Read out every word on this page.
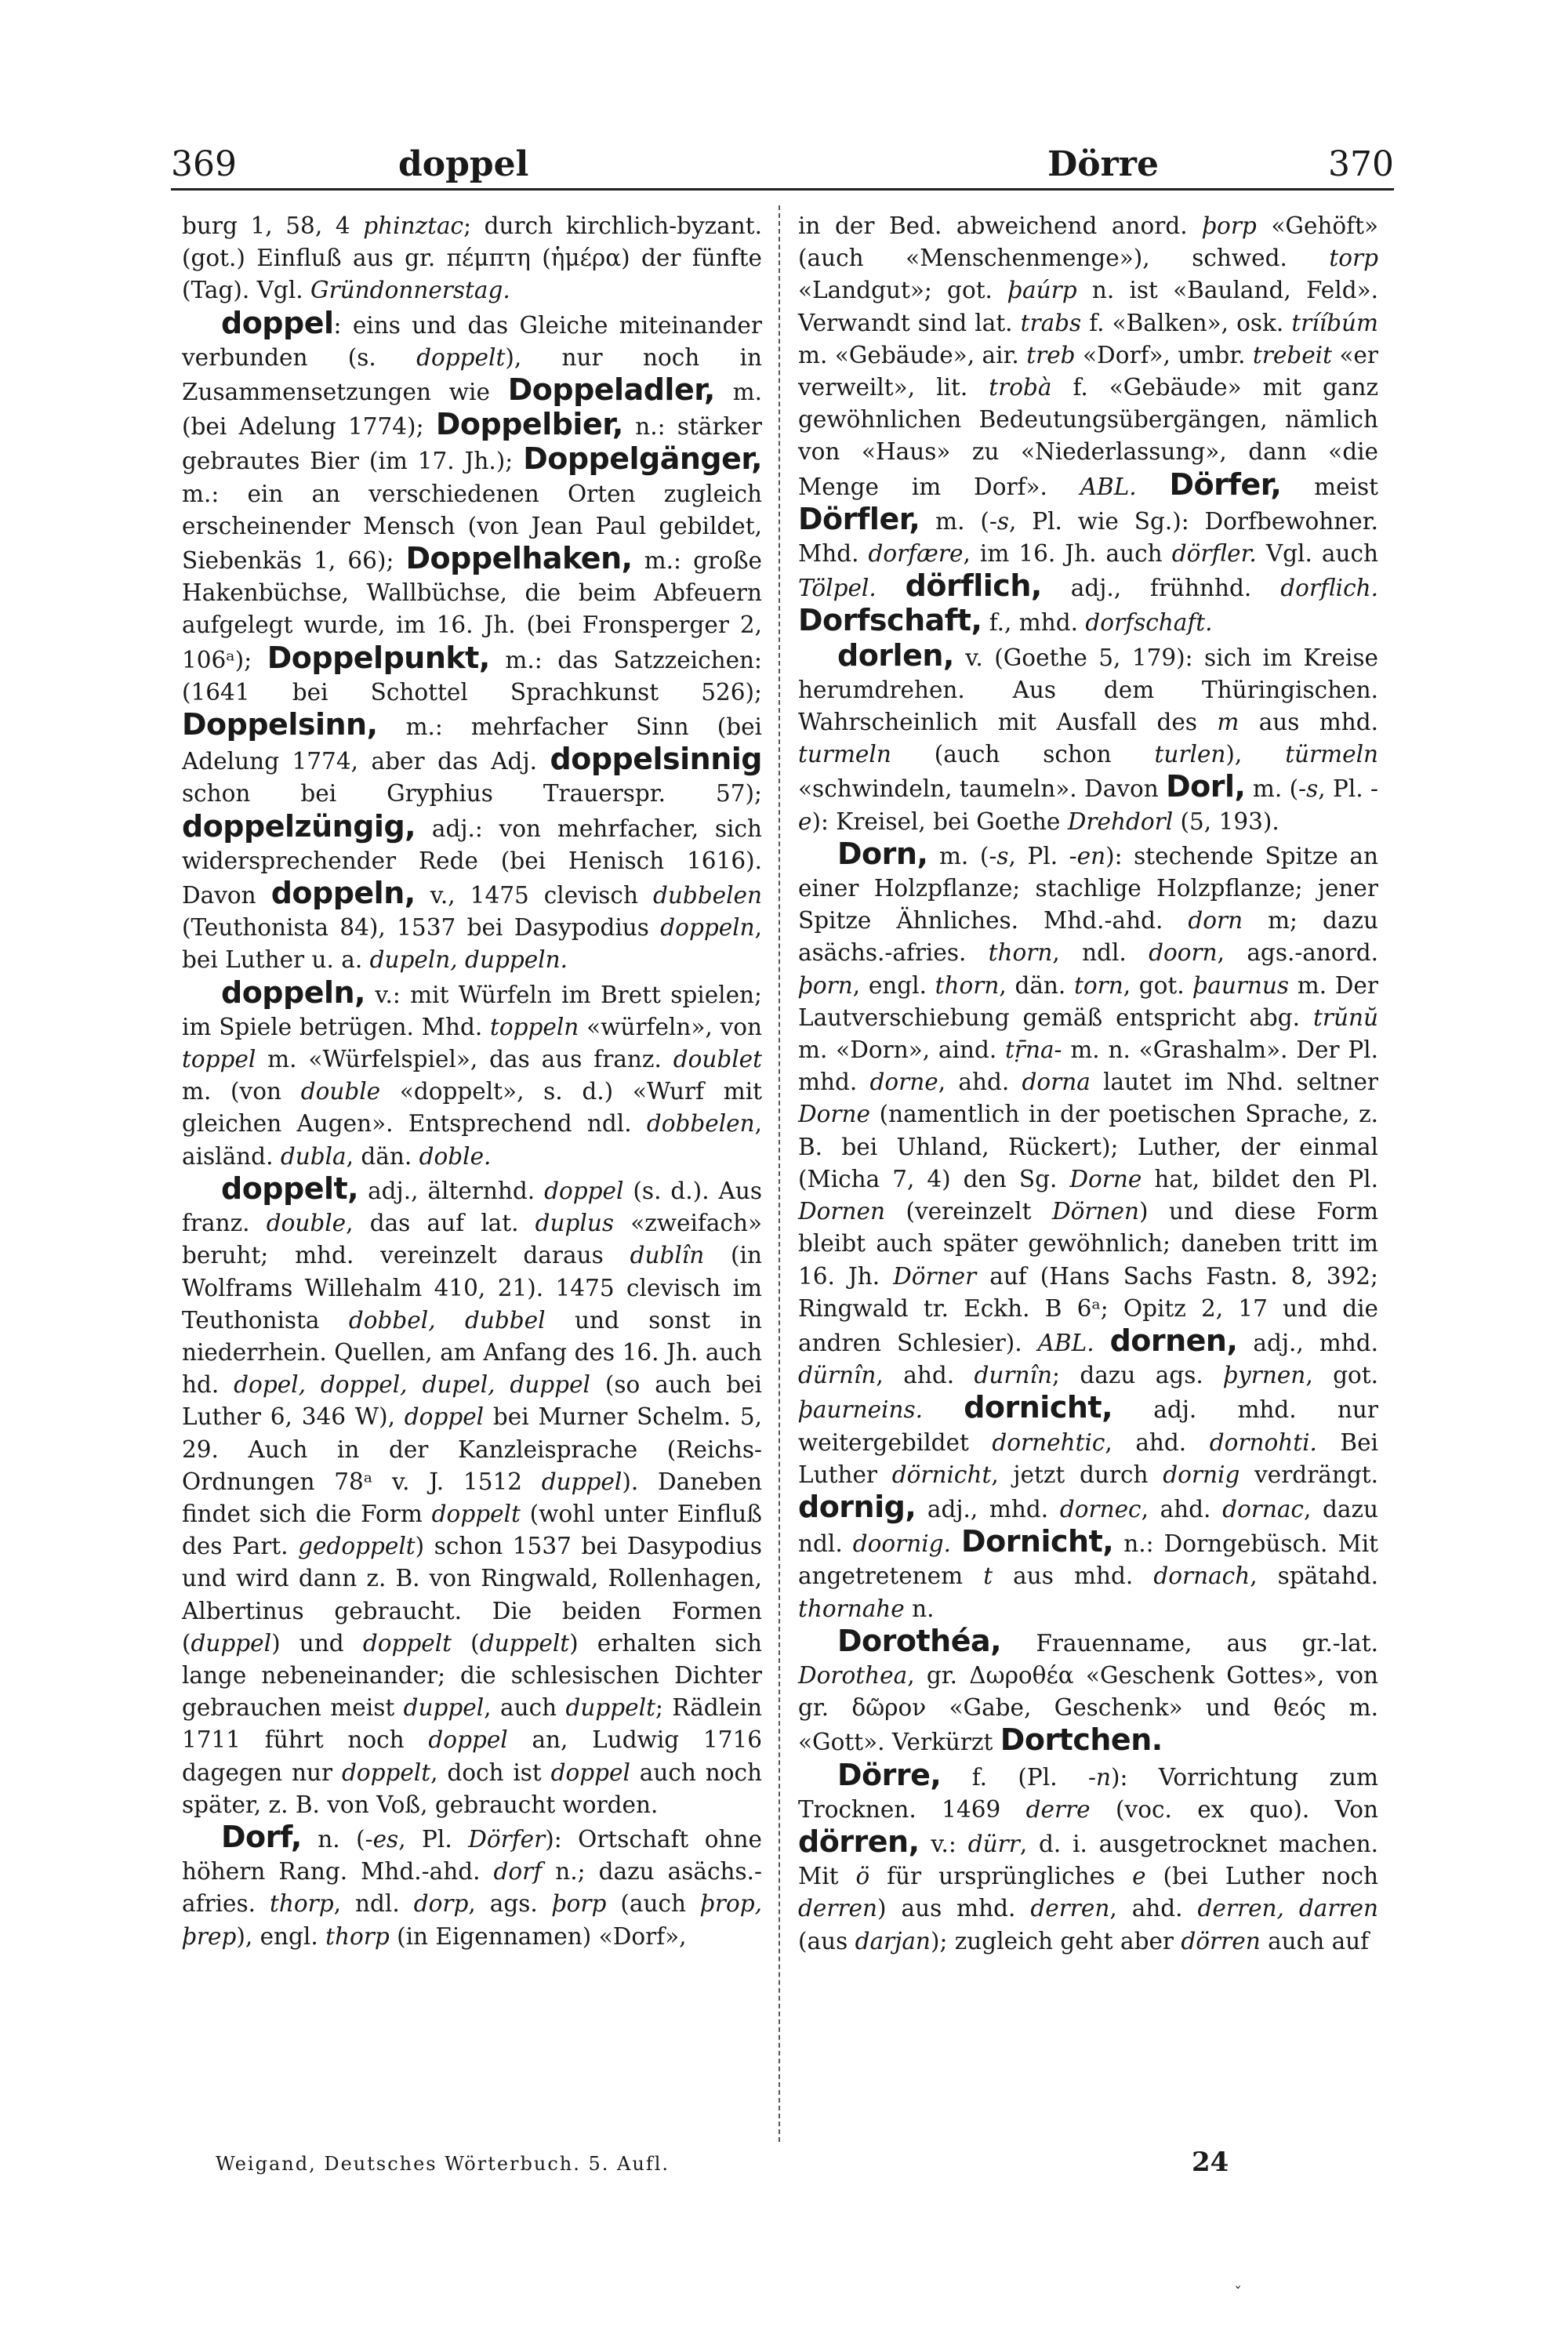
369	doppel	Dörre	370

burg 1, 58, 4 phinztac; durch kirchlich-byzant. (got.) Einfluß aus gr. πέμπτη (ἡμέρα) der fünfte (Tag). Vgl. Gründonnerstag.

doppel: eins und das Gleiche miteinander verbunden (s. doppelt), nur noch in Zusammensetzungen wie Doppeladler, m. (bei Adelung 1774); Doppelbier, n.: stärker gebrautes Bier (im 17. Jh.); Doppelgänger, m.: ein an verschiedenen Orten zugleich erscheinender Mensch (von Jean Paul gebildet, Siebenkäs 1, 66); Doppelhaken, m.: große Hakenbüchse, Wallbüchse, die beim Abfeuern aufgelegt wurde, im 16. Jh. (bei Fronsperger 2, 106ᵃ); Doppelpunkt, m.: das Satzzeichen: (1641 bei Schottel Sprachkunst 526); Doppelsinn, m.: mehrfacher Sinn (bei Adelung 1774, aber das Adj. doppelsinnig schon bei Gryphius Trauerspr. 57); doppelzüngig, adj.: von mehrfacher, sich widersprechender Rede (bei Henisch 1616). Davon doppeln, v., 1475 clevisch dubbelen (Teuthonista 84), 1537 bei Dasypodius doppeln, bei Luther u. a. dupeln, duppeln.

doppeln, v.: mit Würfeln im Brett spielen; im Spiele betrügen. Mhd. toppeln «würfeln», von toppel m. «Würfelspiel», das aus franz. doublet m. (von double «doppelt», s. d.) «Wurf mit gleichen Augen». Entsprechend ndl. dobbelen, aisländ. dubla, dän. doble.

doppelt, adj., älternhd. doppel (s. d.). Aus franz. double, das auf lat. duplus «zweifach» beruht; mhd. vereinzelt daraus dublîn (in Wolframs Willehalm 410, 21). 1475 clevisch im Teuthonista dobbel, dubbel und sonst in niederrhein. Quellen, am Anfang des 16. Jh. auch hd. dopel, doppel, dupel, duppel (so auch bei Luther 6, 346 W), doppel bei Murner Schelm. 5, 29. Auch in der Kanzleisprache (Reichs-Ordnungen 78ᵃ v. J. 1512 duppel). Daneben findet sich die Form doppelt (wohl unter Einfluß des Part. gedoppelt) schon 1537 bei Dasypodius und wird dann z. B. von Ringwald, Rollenhagen, Albertinus gebraucht. Die beiden Formen (duppel) und doppelt (duppelt) erhalten sich lange nebeneinander; die schlesischen Dichter gebrauchen meist duppel, auch duppelt; Rädlein 1711 führt noch doppel an, Ludwig 1716 dagegen nur doppelt, doch ist doppel auch noch später, z. B. von Voß, gebraucht worden.

Dorf, n. (-es, Pl. Dörfer): Ortschaft ohne höhern Rang. Mhd.-ahd. dorf n.; dazu asächs.-afries. thorp, ndl. dorp, ags. þorp (auch þrop, þrep), engl. thorp (in Eigennamen) «Dorf»,

in der Bed. abweichend anord. þorp «Gehöft» (auch «Menschenmenge»), schwed. torp «Landgut»; got. þaúrp n. ist «Bauland, Feld». Verwandt sind lat. trabs f. «Balken», osk. trííbúm m. «Gebäude», air. treb «Dorf», umbr. trebeit «er verweilt», lit. trobà f. «Gebäude» mit ganz gewöhnlichen Bedeutungsübergängen, nämlich von «Haus» zu «Niederlassung», dann «die Menge im Dorf». ABL. Dörfer, meist Dörfler, m. (-s, Pl. wie Sg.): Dorfbewohner. Mhd. dorfære, im 16. Jh. auch dörfler. Vgl. auch Tölpel. dörflich, adj., frühnhd. dorflich. Dorfschaft, f., mhd. dorfschaft.

dorlen, v. (Goethe 5, 179): sich im Kreise herumdrehen. Aus dem Thüringischen. Wahrscheinlich mit Ausfall des m aus mhd. turmeln (auch schon turlen), türmeln «schwindeln, taumeln». Davon Dorl, m. (-s, Pl. -e): Kreisel, bei Goethe Drehdorl (5, 193).

Dorn, m. (-s, Pl. -en): stechende Spitze an einer Holzpflanze; stachlige Holzpflanze; jener Spitze Ähnliches. Mhd.-ahd. dorn m; dazu asächs.-afries. thorn, ndl. doorn, ags.-anord. þorn, engl. thorn, dän. torn, got. þaurnus m. Der Lautverschiebung gemäß entspricht abg. trŭnŭ m. «Dorn», aind. tṝna- m. n. «Grashalm». Der Pl. mhd. dorne, ahd. dorna lautet im Nhd. seltner Dorne (namentlich in der poetischen Sprache, z. B. bei Uhland, Rückert); Luther, der einmal (Micha 7, 4) den Sg. Dorne hat, bildet den Pl. Dornen (vereinzelt Dörnen) und diese Form bleibt auch später gewöhnlich; daneben tritt im 16. Jh. Dörner auf (Hans Sachs Fastn. 8, 392; Ringwald tr. Eckh. B 6ᵃ; Opitz 2, 17 und die andren Schlesier). ABL. dornen, adj., mhd. dürnîn, ahd. durnîn; dazu ags. þyrnen, got. þaurneins. dornicht, adj. mhd. nur weitergebildet dornehtic, ahd. dornohti. Bei Luther dörnicht, jetzt durch dornig verdrängt. dornig, adj., mhd. dornec, ahd. dornac, dazu ndl. doornig. Dornicht, n.: Dorngebüsch. Mit angetretenem t aus mhd. dornach, spätahd. thornahe n.

Dorothéa, Frauenname, aus gr.-lat. Dorothea, gr. Δωροθέα «Geschenk Gottes», von gr. δῶρον «Gabe, Geschenk» und θεός m. «Gott». Verkürzt Dortchen.

Dörre, f. (Pl. -n): Vorrichtung zum Trocknen. 1469 derre (voc. ex quo). Von dörren, v.: dürr, d. i. ausgetrocknet machen. Mit ö für ursprüngliches e (bei Luther noch derren) aus mhd. derren, ahd. derren, darren (aus darjan); zugleich geht aber dörren auch auf

Weigand, Deutsches Wörterbuch. 5. Aufl.	24
ˇ
